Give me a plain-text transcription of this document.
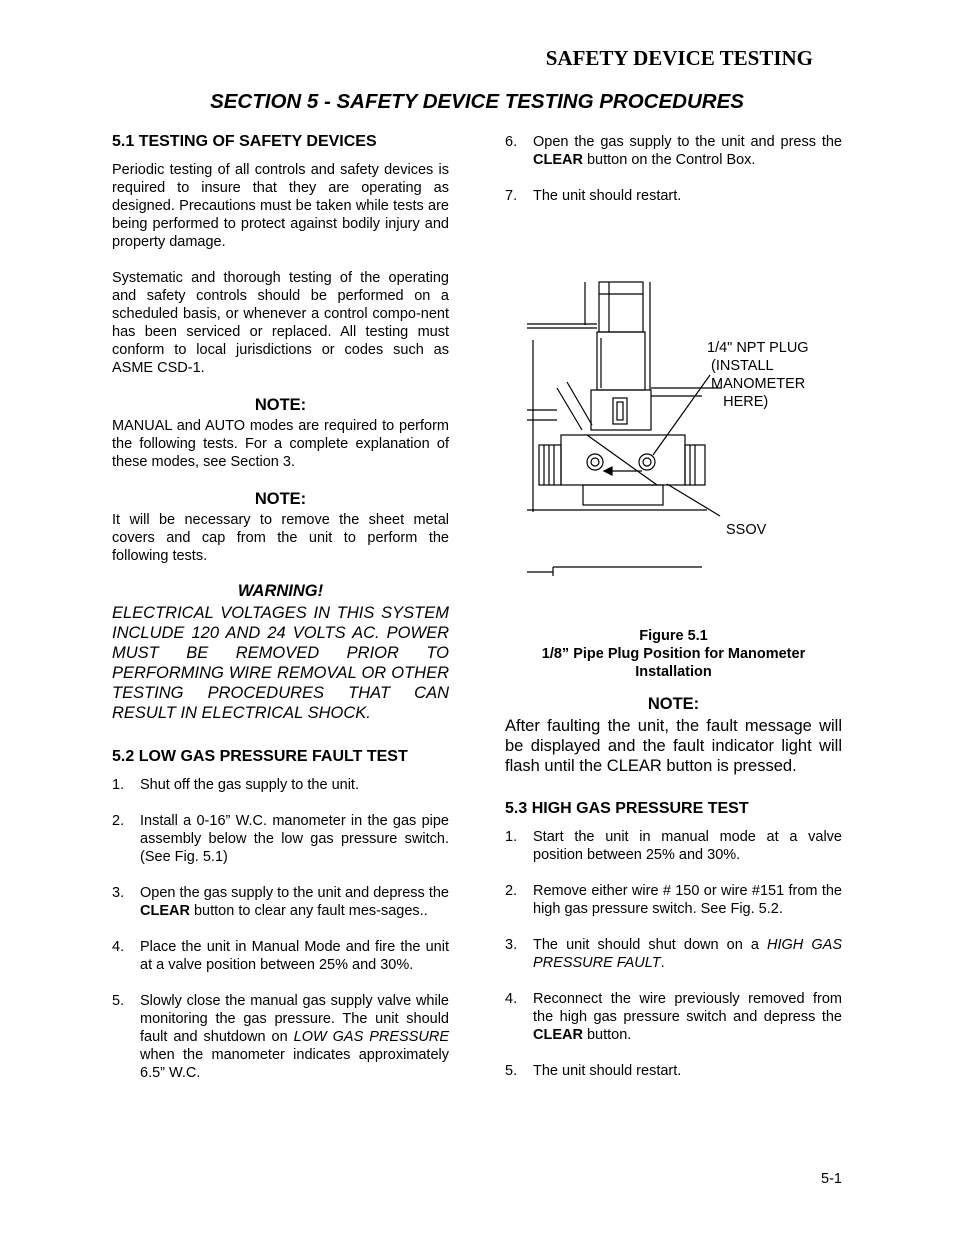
SAFETY DEVICE TESTING
SECTION 5 - SAFETY DEVICE TESTING PROCEDURES
5.1 TESTING OF SAFETY DEVICES

Periodic testing of all controls and safety devices is required to insure that they are operating as designed. Precautions must be taken while tests are being performed to protect against bodily injury and property damage.

Systematic and thorough testing of the operating and safety controls should be performed on a scheduled basis, or whenever a control compo-nent has been serviced or replaced. All testing must conform to local jurisdictions or codes such as ASME CSD-1.

NOTE:

MANUAL and AUTO modes are required to perform the following tests. For a complete explanation of these modes, see Section 3.

NOTE:

It will be necessary to remove the sheet metal covers and cap from the unit to perform the following tests.

WARNING!

ELECTRICAL VOLTAGES IN THIS SYSTEM INCLUDE 120 AND 24 VOLTS AC. POWER MUST BE REMOVED PRIOR TO PERFORMING WIRE REMOVAL OR OTHER TESTING PROCEDURES THAT CAN RESULT IN ELECTRICAL SHOCK.

5.2 LOW GAS PRESSURE FAULT TEST
1.	Shut off the gas supply to the unit.
2.	Install a 0-16” W.C. manometer in the gas pipe assembly below the low gas pressure switch. (See Fig. 5.1)
3.	Open the gas supply to the unit and depress the CLEAR button to clear any fault mes-sages..
4.	Place the unit in Manual Mode and fire the unit at a valve position between 25% and 30%.
5.	Slowly close the manual gas supply valve while monitoring the gas pressure. The unit should fault and shutdown on LOW GAS PRESSURE when the manometer indicates approximately 6.5” W.C.
6.	Open the gas supply to the unit and press the CLEAR button on the Control Box.
7.	The unit should restart.
1/4" NPT PLUG
(INSTALL
MANOMETER
HERE)
SSOV
Figure 5.1
1/8” Pipe Plug Position for Manometer
Installation
NOTE:

After faulting the unit, the fault message will be displayed and the fault indicator light will flash until the CLEAR button is pressed.

5.3 HIGH GAS PRESSURE TEST
1.	Start the unit in manual mode at a valve position between 25% and 30%.
2.	Remove either wire # 150 or wire #151 from the high gas pressure switch. See Fig. 5.2.
3.	The unit should shut down on a HIGH GAS PRESSURE FAULT.
4.	Reconnect the wire previously removed from the high gas pressure switch and depress the CLEAR button.
5.	The unit should restart.
5-1
